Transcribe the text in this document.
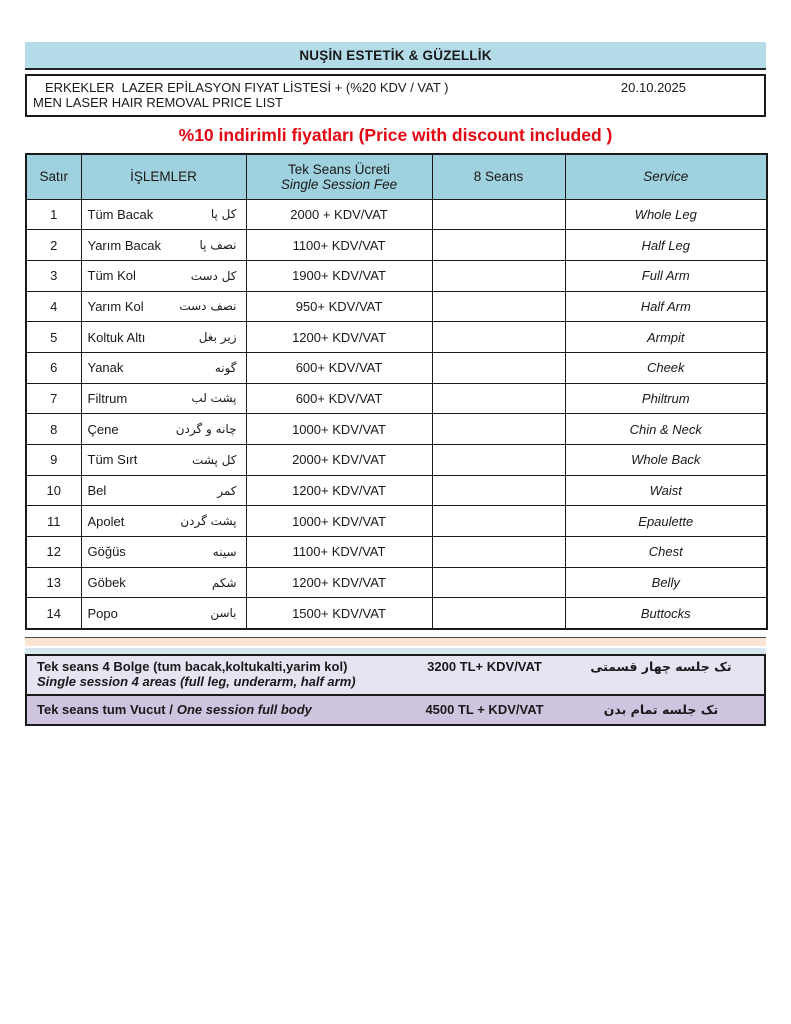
NUŞİN ESTETİK & GÜZELLİK
ERKEKLER  LAZER EPİLASYON FIYAT LİSTESİ + (%20 KDV / VAT )	20.10.2025
MEN LASER HAIR REMOVAL PRICE LIST
%10 indirimli fiyatları (Price with discount included )
Satır	İŞLEMLER	Tek Seans Ücreti
Single Session Fee	8 Seans	Service
1	Tüm Bacak کل پا	2000 + KDV/VAT		Whole Leg
2	Yarım Bacak نصف پا	1100+ KDV/VAT		Half Leg
3	Tüm Kol کل دست	1900+ KDV/VAT		Full Arm
4	Yarım Kol نصف دست	950+ KDV/VAT		Half Arm
5	Koltuk Altı زیر بغل	1200+ KDV/VAT		Armpit
6	Yanak گونه	600+ KDV/VAT		Cheek
7	Filtrum پشت لب	600+ KDV/VAT		Philtrum
8	Çene چانه و گردن	1000+ KDV/VAT		Chin & Neck
9	Tüm Sırt کل پشت	2000+ KDV/VAT		Whole Back
10	Bel کمر	1200+ KDV/VAT		Waist
11	Apolet پشت گردن	1000+ KDV/VAT		Epaulette
12	Göğüs سینه	1100+ KDV/VAT		Chest
13	Göbek شکم	1200+ KDV/VAT		Belly
14	Popo باسن	1500+ KDV/VAT		Buttocks
Tek seans 4 Bolge (tum bacak,koltukalti,yarim kol)
Single session 4 areas (full leg, underarm, half arm)
3200 TL+ KDV/VAT	تک جلسه چهار قسمتی
Tek seans tum Vucut / One session full body	4500 TL + KDV/VAT	تک جلسه تمام بدن
